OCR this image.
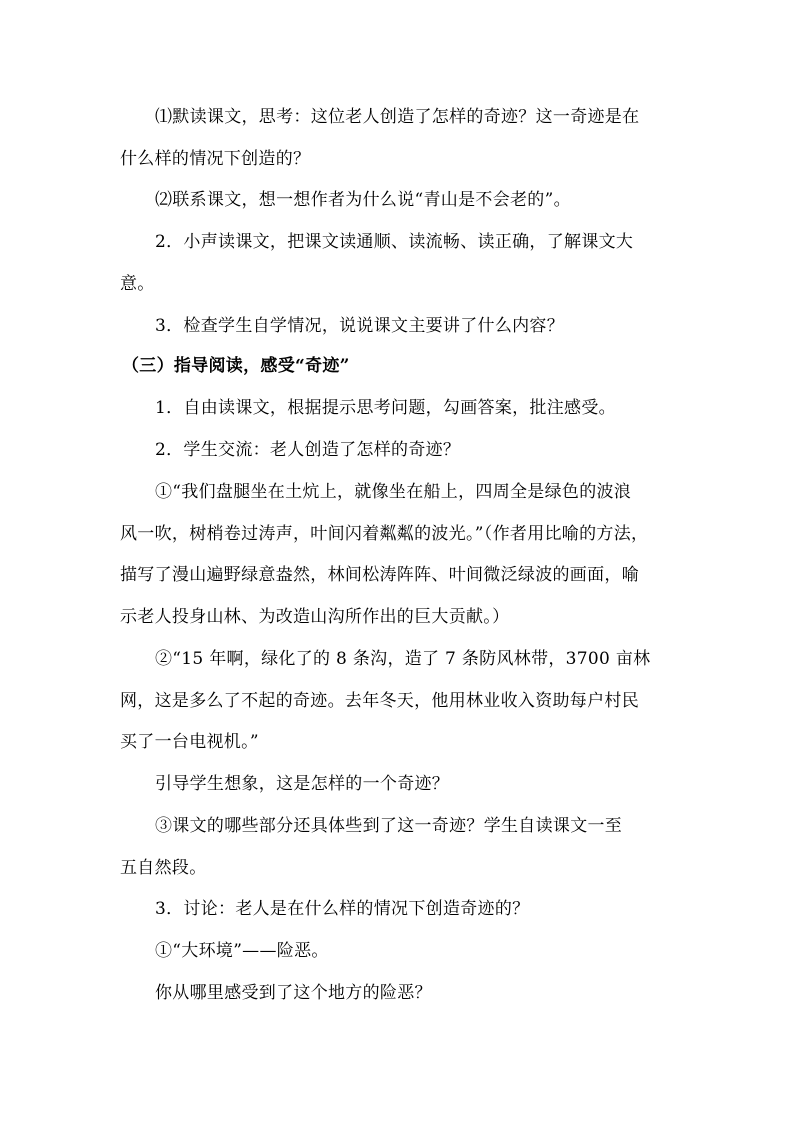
⑴默读课文，思考：这位老人创造了怎样的奇迹？这一奇迹是在
什么样的情况下创造的？
⑵联系课文，想一想作者为什么说“青山是不会老的”。
2．小声读课文，把课文读通顺、读流畅、读正确，了解课文大
意。
3．检查学生自学情况，说说课文主要讲了什么内容？
（三）指导阅读，感受“奇迹”
1．自由读课文，根据提示思考问题，勾画答案，批注感受。
2．学生交流：老人创造了怎样的奇迹？
①“我们盘腿坐在土炕上，就像坐在船上，四周全是绿色的波浪
风一吹，树梢卷过涛声，叶间闪着粼粼的波光。”（作者用比喻的方法，
描写了漫山遍野绿意盎然，林间松涛阵阵、叶间微泛绿波的画面，喻
示老人投身山林、为改造山沟所作出的巨大贡献。）
②“15 年啊，绿化了的 8 条沟，造了 7 条防风林带，3700 亩林
网，这是多么了不起的奇迹。去年冬天，他用林业收入资助每户村民
买了一台电视机。”
引导学生想象，这是怎样的一个奇迹？
③课文的哪些部分还具体些到了这一奇迹？学生自读课文一至
五自然段。
3．讨论：老人是在什么样的情况下创造奇迹的？
①“大环境”——险恶。
你从哪里感受到了这个地方的险恶？
